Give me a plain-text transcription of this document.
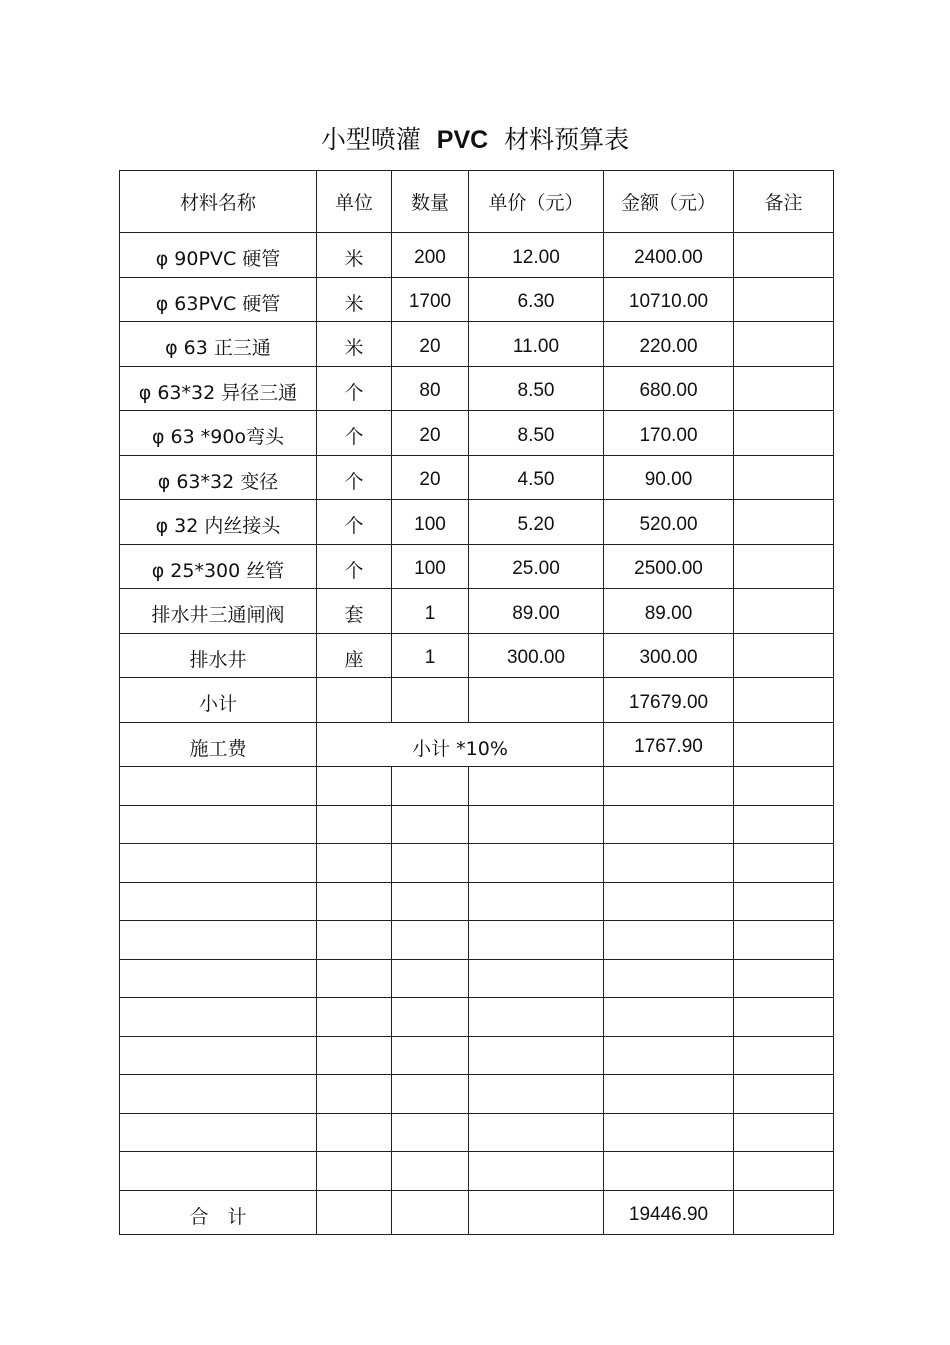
小型喷灌 PVC 材料预算表
材料名称	单位	数量	单价（元）	金额（元）	备注
φ 90PVC 硬管	米	200	12.00	2400.00	
φ 63PVC 硬管	米	1700	6.30	10710.00	
φ 63 正三通	米	20	11.00	220.00	
φ 63*32 异径三通	个	80	8.50	680.00	
φ 63 *90o弯头	个	20	8.50	170.00	
φ 63*32 变径	个	20	4.50	90.00	
φ 32 内丝接头	个	100	5.20	520.00	
φ 25*300 丝管	个	100	25.00	2500.00	
排水井三通闸阀	套	1	89.00	89.00	
排水井	座	1	300.00	300.00	
小计				17679.00	
施工费	小计 *10%			1767.90	

合　计				19446.90	
